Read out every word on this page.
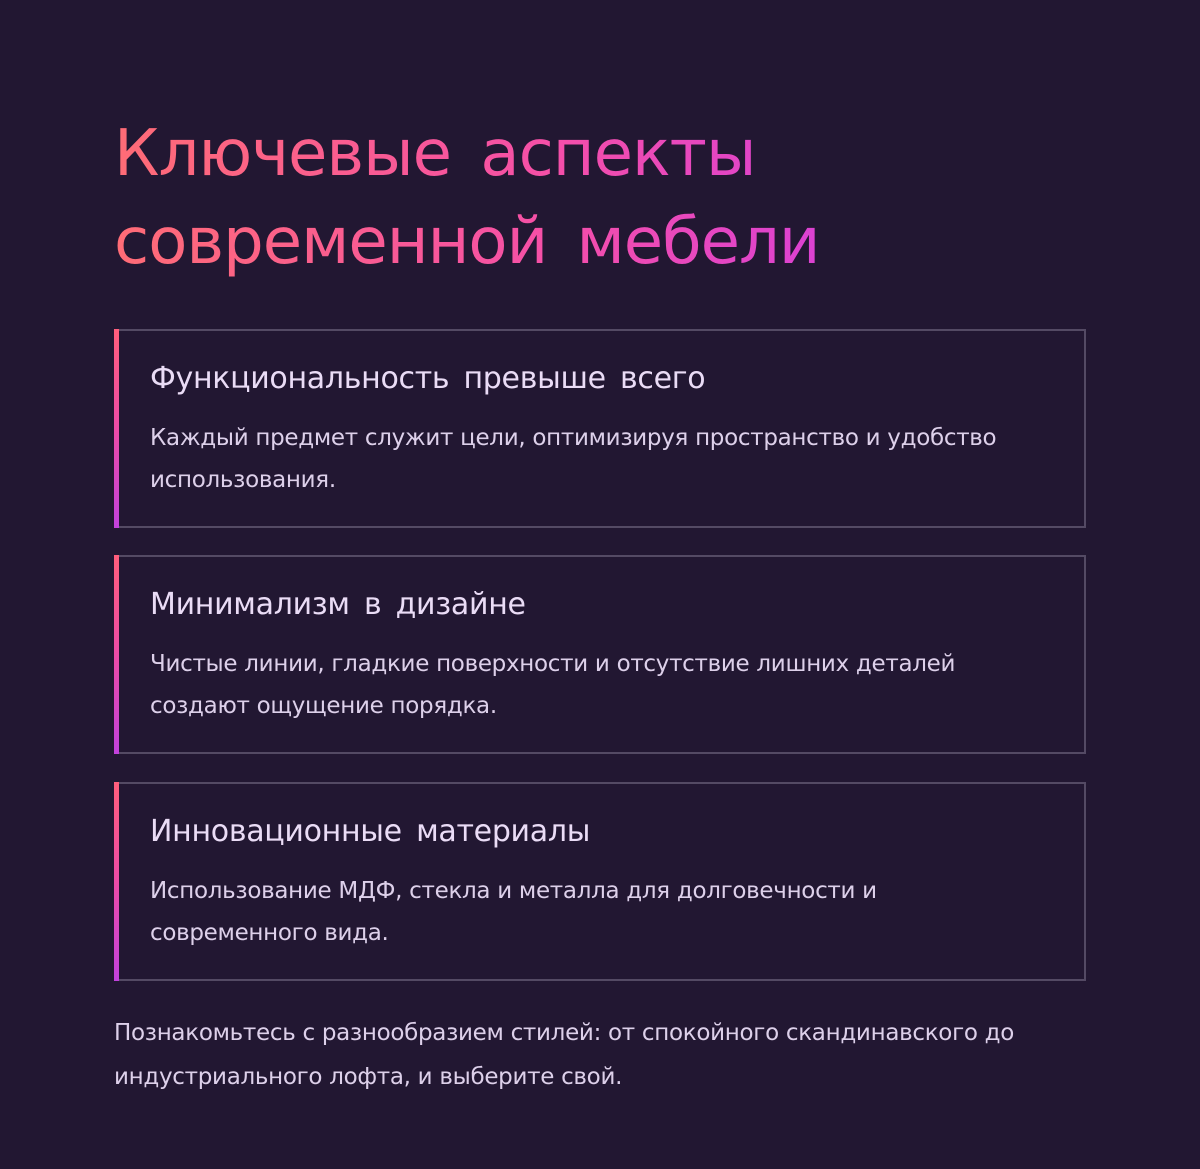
Ключевые аспекты
современной мебели
Функциональность превыше всего

Каждый предмет служит цели, оптимизируя пространство и удобство использования.

Минимализм в дизайне

Чистые линии, гладкие поверхности и отсутствие лишних деталей создают ощущение порядка.

Инновационные материалы

Использование МДФ, стекла и металла для долговечности и современного вида.

Познакомьтесь с разнообразием стилей: от спокойного скандинавского до индустриального лофта, и выберите свой.
